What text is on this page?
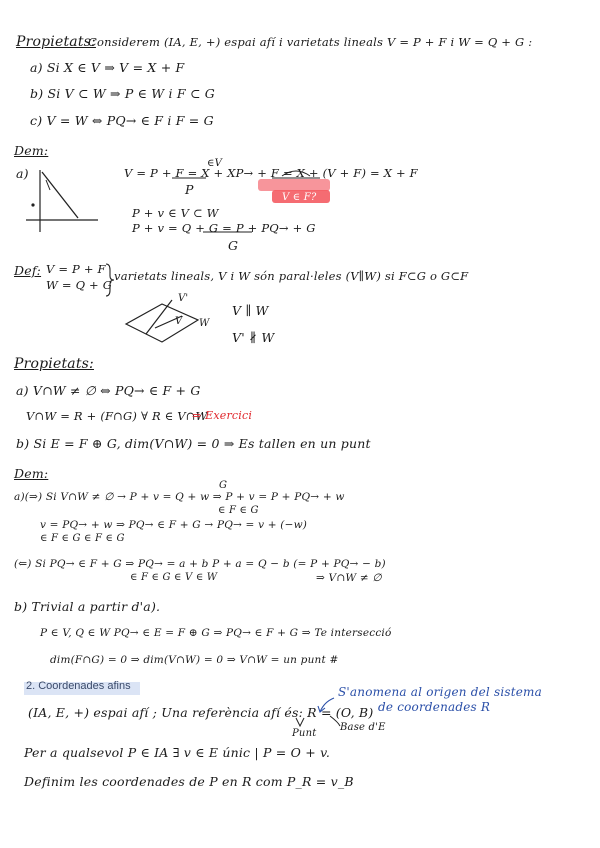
Propietats:
Considerem (IA, E, +) espai afí i varietats lineals V = P + F i W = Q + G :
a) Si X ∈ V ⇒ V = X + F
b) Si V ⊂ W ⇒ P ∈ W i F ⊂ G
c) V = W ⇔ PQ→ ∈ F i F = G
Dem:
a)	V = P + F = X + XP→ + F = X + (V + F) = X + F
∈V
P
V ∈ F?
P + v ∈ V ⊂ W
P + v = Q + G = P + PQ→ + G
G
Def: V = P + F
W = Q + G
varietats lineals, V i W són paral·leles (V∥W) si F⊂G o G⊂F
V'
V W
V ∥ W
V' ∦ W
Propietats:
a) V∩W ≠ ∅ ⇔ PQ→ ∈ F + G
V∩W = R + (F∩G) ∀ R ∈ V∩W
⇒ Exercici
b) Si E = F ⊕ G, dim(V∩W) = 0 ⇒ Es tallen en un punt
Dem:
a)(⇒) Si V∩W ≠ ∅ → P + v = Q + w ⇒ P + v = P + PQ→ + w
G
∈ F ∈ G
v = PQ→ + w ⇒ PQ→ ∈ F + G → PQ→ = v + (−w)
∈ F ∈ G ∈ F ∈ G
(⇐) Si PQ→ ∈ F + G ⇒ PQ→ = a + b P + a = Q − b (= P + PQ→ − b)
∈ F ∈ G ∈ V ∈ W	⇒ V∩W ≠ ∅
b) Trivial a partir d'a).
P ∈ V, Q ∈ W PQ→ ∈ E = F ⊕ G ⇒ PQ→ ∈ F + G ⇒ Te intersecció
dim(F∩G) = 0 ⇒ dim(V∩W) = 0 ⇒ V∩W = un punt #
2. Coordenades afins	S'anomena al origen del sistema
de coordenades R
(IA, E, +) espai afí ; Una referència afí és: R = (O, B)
Punt
Base d'E
Per a qualsevol P ∈ IA ∃ v ∈ E únic | P = O + v.
Definim les coordenades de P en R com P_R = v_B
